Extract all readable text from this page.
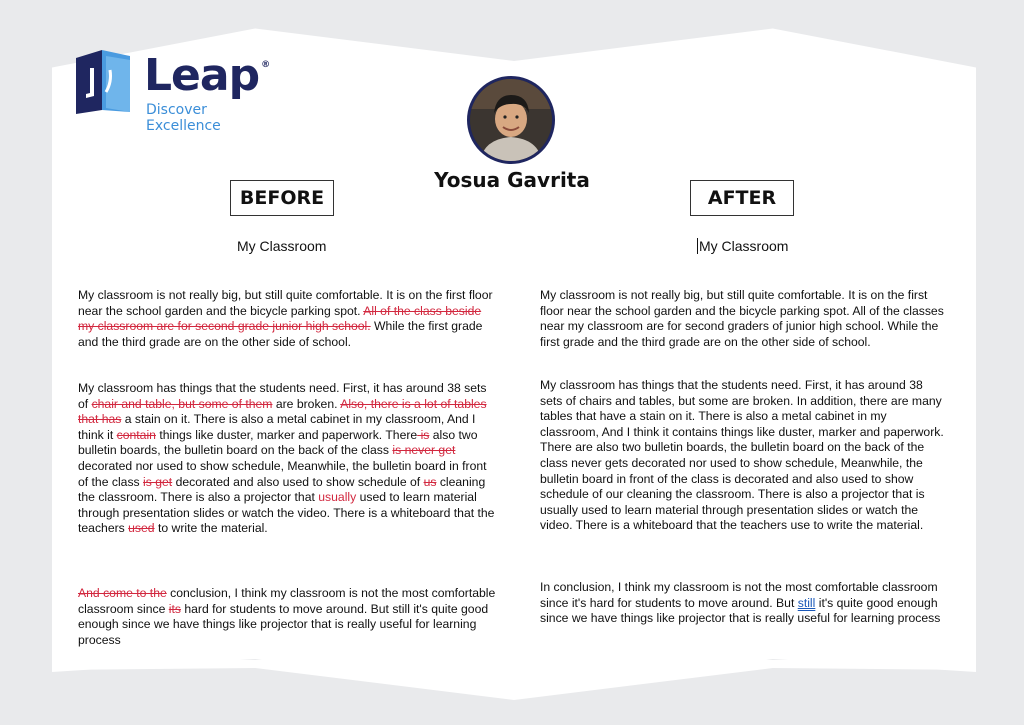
Leap ®
Discover
Excellence
Yosua Gavrita
BEFORE	AFTER
My Classroom	My Classroom
My classroom is not really big, but still quite comfortable. It is on the first floor near the school garden and the bicycle parking spot. All of the class beside my classroom are for second grade junior high school. While the first grade and the third grade are on the other side of school.
My classroom has things that the students need. First, it has around 38 sets of chair and table, but some of them are broken. Also, there is a lot of tables that has a stain on it. There is also a metal cabinet in my classroom, And I think it contain things like duster, marker and paperwork. There is also two bulletin boards, the bulletin board on the back of the class is never get decorated nor used to show schedule, Meanwhile, the bulletin board in front of the class is get decorated and also used to show schedule of us cleaning the classroom. There is also a projector that usually used to learn material through presentation slides or watch the video. There is a whiteboard that the teachers used to write the material.
And come to the conclusion, I think my classroom is not the most comfortable classroom since its hard for students to move around. But still it's quite good enough since we have things like projector that is really useful for learning process
My classroom is not really big, but still quite comfortable. It is on the first floor near the school garden and the bicycle parking spot. All of the classes near my classroom are for second graders of junior high school. While the first grade and the third grade are on the other side of school.
My classroom has things that the students need. First, it has around 38 sets of chairs and tables, but some are broken. In addition, there are many tables that have a stain on it. There is also a metal cabinet in my classroom, And I think it contains things like duster, marker and paperwork. There are also two bulletin boards, the bulletin board on the back of the class never gets decorated nor used to show schedule, Meanwhile, the bulletin board in front of the class is decorated and also used to show schedule of our cleaning the classroom. There is also a projector that is usually used to learn material through presentation slides or watch the video. There is a whiteboard that the teachers use to write the material.
In conclusion, I think my classroom is not the most comfortable classroom since it's hard for students to move around. But still it's quite good enough since we have things like projector that is really useful for learning process
